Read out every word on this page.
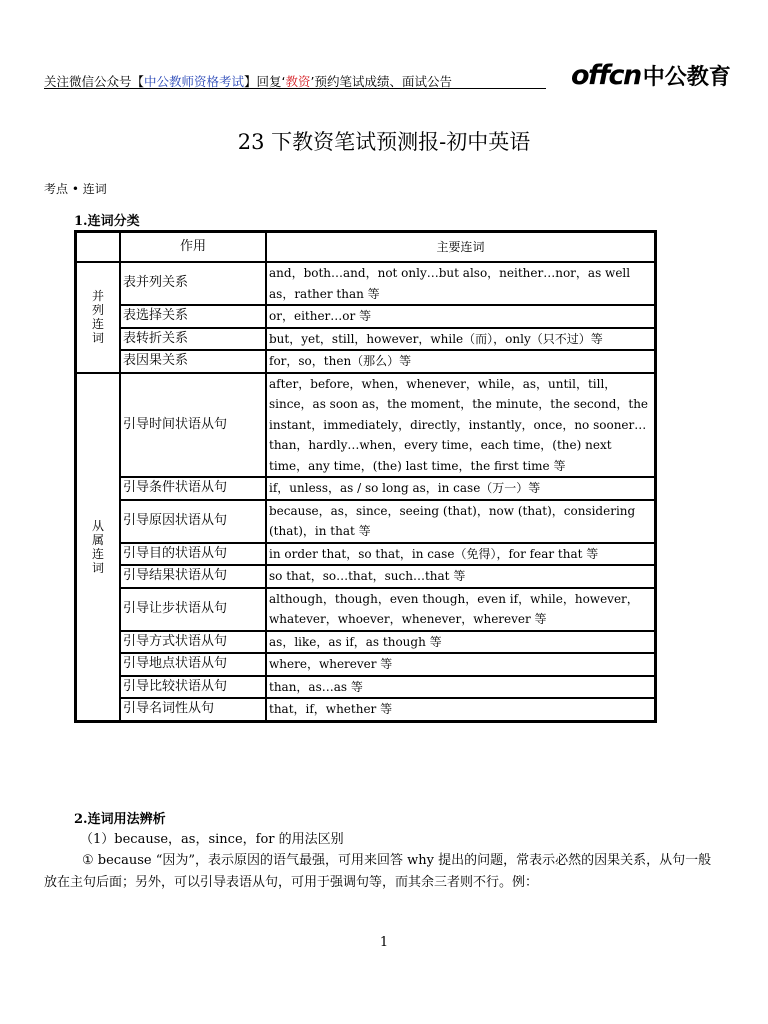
关注微信公众号【中公教师资格考试】回复‘教资’预约笔试成绩、面试公告	offcn 中公教育
23 下教资笔试预测报-初中英语
考点 • 连词
1.连词分类
	作用	主要连词
并列连词	表并列关系	and，both…and，not only…but also，neither…nor，as well as，rather than 等
	表选择关系	or，either…or 等
	表转折关系	but，yet，still，however，while（而），only（只不过）等
	表因果关系	for，so，then（那么）等
从属连词	引导时间状语从句	after，before，when，whenever，while，as，until，till，since，as soon as，the moment，the minute，the second，the instant，immediately，directly，instantly，once，no sooner…than，hardly…when，every time，each time，(the) next time，any time，(the) last time，the first time 等
	引导条件状语从句	if，unless，as / so long as，in case（万一）等
	引导原因状语从句	because，as，since，seeing (that)，now (that)，considering (that)，in that 等
	引导目的状语从句	in order that，so that，in case（免得），for fear that 等
	引导结果状语从句	so that，so…that，such…that 等
	引导让步状语从句	although，though，even though，even if，while，however，whatever，whoever，whenever，wherever 等
	引导方式状语从句	as，like，as if，as though 等
	引导地点状语从句	where，wherever 等
	引导比较状语从句	than，as…as 等
	引导名词性从句	that，if，whether 等
2.连词用法辨析
（1）because，as，since，for 的用法区别
① because “因为”，表示原因的语气最强，可用来回答 why 提出的问题，常表示必然的因果关系，从句一般放在主句后面；另外，可以引导表语从句，可用于强调句等，而其余三者则不行。例：
1
